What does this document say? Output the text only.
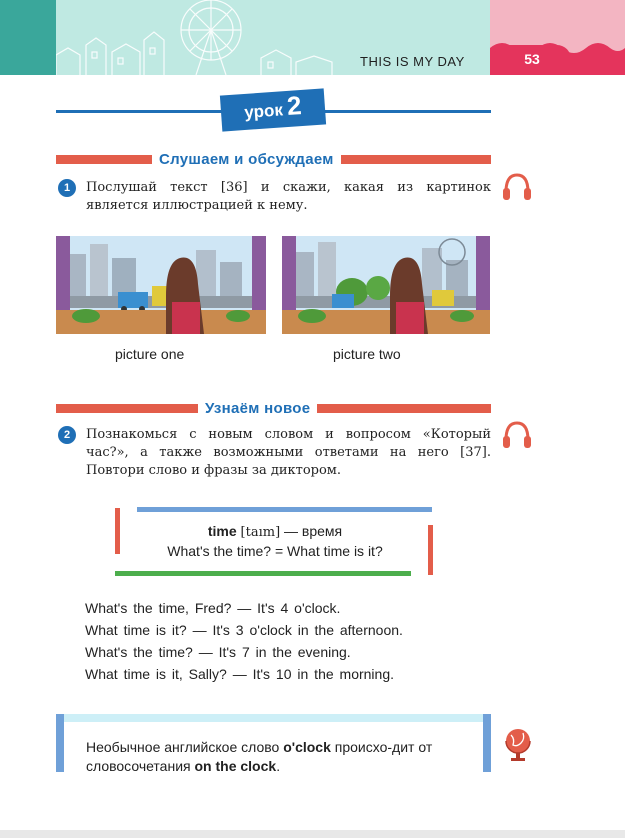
THIS IS MY DAY	53
урок 2
Слушаем и обсуждаем
1	Послушай текст [36] и скажи, какая из картинок является иллюстрацией к нему.
picture one	picture two
Узнаём новое
2	Познакомься с новым словом и вопросом «Который час?», а также возможными ответами на него [37]. Повтори слово и фразы за диктором.
time [taım] — время
What's the time? = What time is it?
What's the time, Fred? — It's 4 o'clock.
What time is it? — It's 3 o'clock in the afternoon.
What's the time? — It's 7 in the evening.
What time is it, Sally? — It's 10 in the morning.
Необычное английское слово o'clock происхо-дит от словосочетания on the clock.
